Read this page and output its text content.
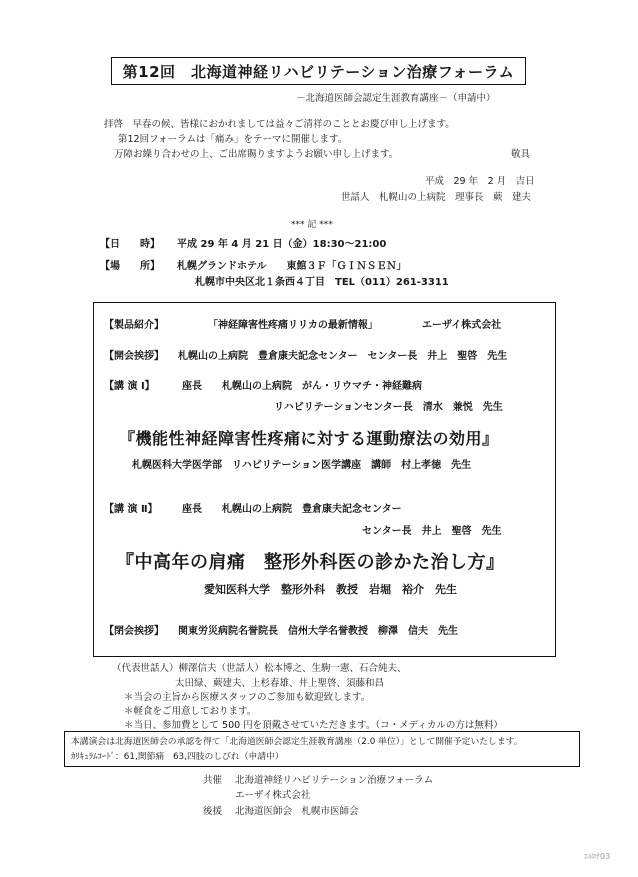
第12回　北海道神経リハビリテーション治療フォーラム
－北海道医師会認定生涯教育講座－（申請中）
拝啓　早春の候、皆様におかれましては益々ご清祥のこととお慶び申し上げます。
第12回フォーラムは「痛み」をテーマに開催します。
万障お繰り合わせの上、ご出席賜りますようお願い申し上げます。	敬具
平成　29 年　2 月　吉日
世話人　札幌山の上病院　理事長　蕨　建夫
*** 記 ***
【日　　時】 平成 29 年 4 月 21 日（金）18:30～21:00
【場　　所】 札幌グランドホテル　　東館３Ｆ「ＧＩＮＳＥＮ」
札幌市中央区北１条西４丁目　TEL（011）261-3311
【製品紹介】	「神経障害性疼痛リリカの最新情報」	エーザイ株式会社
【開会挨拶】 札幌山の上病院　豊倉康夫記念センター　センター長　井上　聖啓　先生
【講 演 Ⅰ】	座長　　札幌山の上病院　がん・リウマチ・神経難病
リハビリテーションセンター長　清水　兼悦　先生
『機能性神経障害性疼痛に対する運動療法の効用』
札幌医科大学医学部　リハビリテーション医学講座　講師　村上孝徳　先生
【講 演 Ⅱ】 座長　　札幌山の上病院　豊倉康夫記念センター
センター長　井上　聖啓　先生
『中高年の肩痛　整形外科医の診かた治し方』
愛知医科大学　整形外科　教授　岩堀　裕介　先生
【閉会挨拶】 関東労災病院名誉院長　信州大学名誉教授　柳澤　信夫　先生
（代表世話人）柳澤信夫（世話人）松本博之、生駒一憲、石合純夫、
太田緑、蕨建夫、上杉春雄、井上聖啓、須藤和昌
＊当会の主旨から医療スタッフのご参加も歓迎致します。
＊軽食をご用意しております。
＊当日、参加費として 500 円を頂戴させていただきます。（コ・メディカルの方は無料）
本講演会は北海道医師会の承認を得て「北海道医師会認定生涯教育講座（2.0 単位）」として開催予定いたします。
ｶﾘｷｭﾗﾑｺｰﾄﾞ：61,関節痛　63,四肢のしびれ（申請中）
共催 北海道神経リハビリテーション治療フォーラム
エーザイ株式会社
後援 北海道医師会　札幌市医師会
ｴﾙﾛﾅ03
